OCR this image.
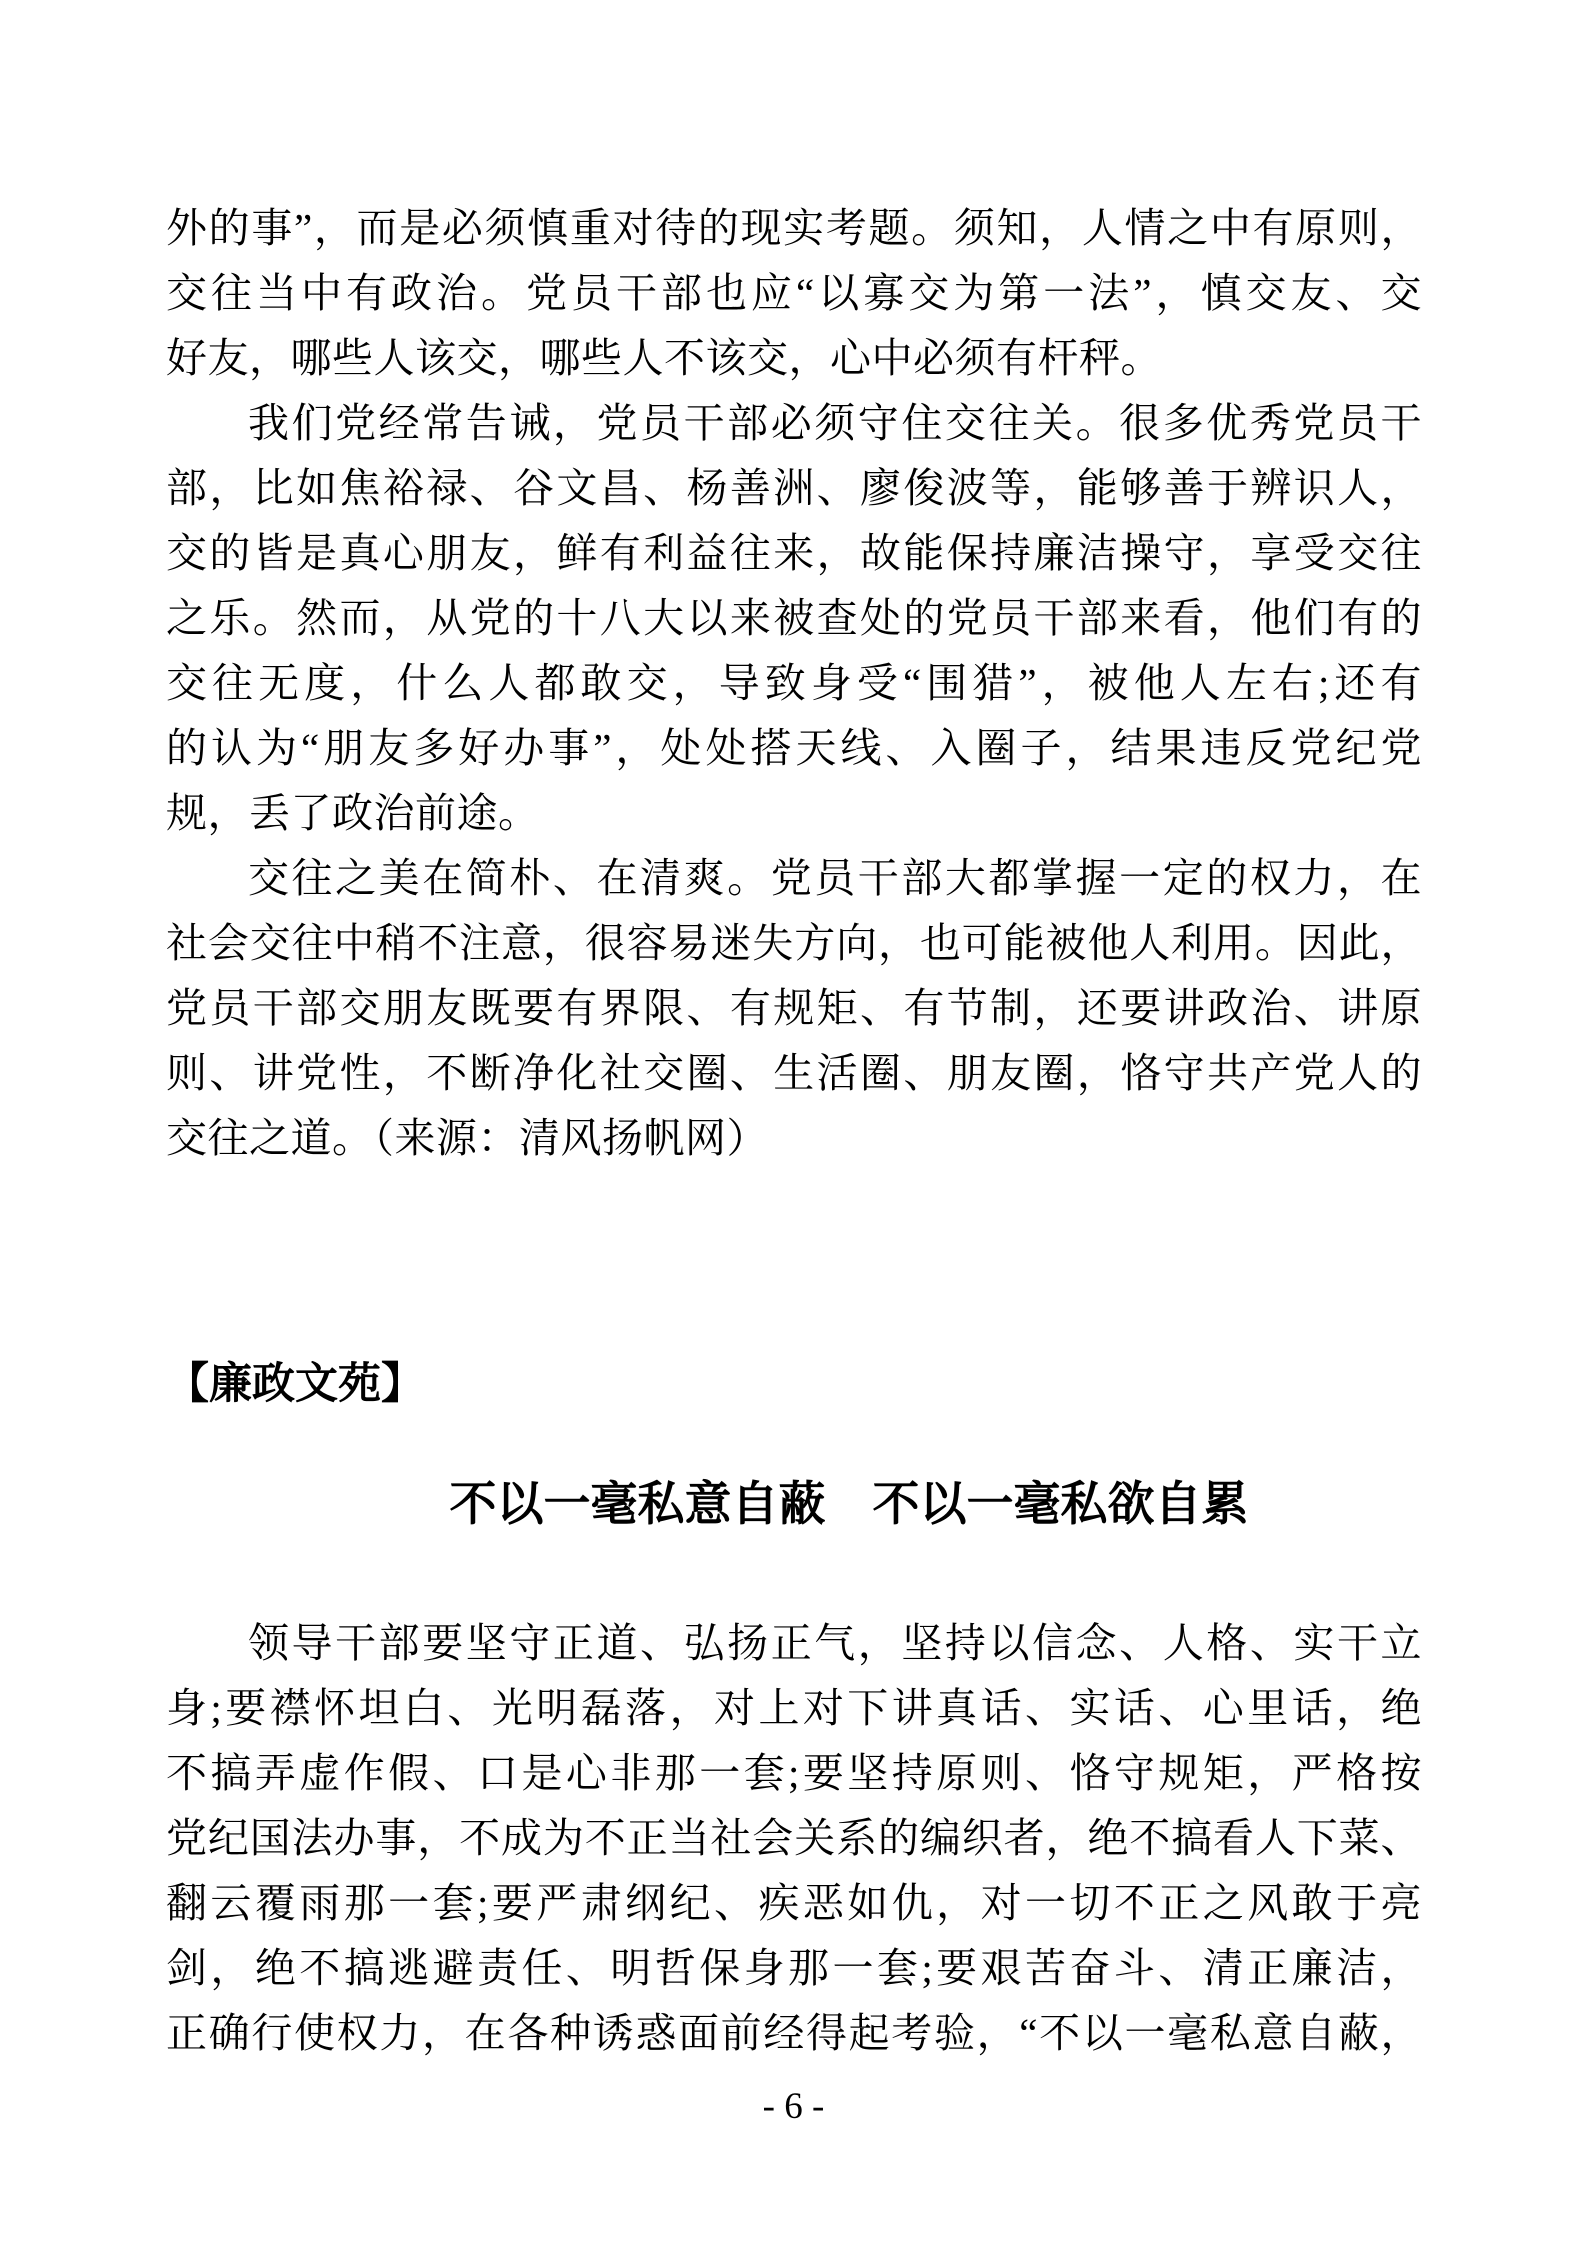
外的事”，而是必须慎重对待的现实考题。须知，人情之中有原则，
交往当中有政治。党员干部也应“以寡交为第一法”，慎交友、交
好友，哪些人该交，哪些人不该交，心中必须有杆秤。
我们党经常告诫，党员干部必须守住交往关。很多优秀党员干
部，比如焦裕禄、谷文昌、杨善洲、廖俊波等，能够善于辨识人，
交的皆是真心朋友，鲜有利益往来，故能保持廉洁操守，享受交往
之乐。然而，从党的十八大以来被查处的党员干部来看，他们有的
交往无度，什么人都敢交，导致身受“围猎”，被他人左右;还有
的认为“朋友多好办事”，处处搭天线、入圈子，结果违反党纪党
规，丢了政治前途。
交往之美在简朴、在清爽。党员干部大都掌握一定的权力，在
社会交往中稍不注意，很容易迷失方向，也可能被他人利用。因此，
党员干部交朋友既要有界限、有规矩、有节制，还要讲政治、讲原
则、讲党性，不断净化社交圈、生活圈、朋友圈，恪守共产党人的
交往之道。（来源：清风扬帆网）
【廉政文苑】
不以一毫私意自蔽　不以一毫私欲自累
领导干部要坚守正道、弘扬正气，坚持以信念、人格、实干立
身;要襟怀坦白、光明磊落，对上对下讲真话、实话、心里话，绝
不搞弄虚作假、口是心非那一套;要坚持原则、恪守规矩，严格按
党纪国法办事，不成为不正当社会关系的编织者，绝不搞看人下菜、
翻云覆雨那一套;要严肃纲纪、疾恶如仇，对一切不正之风敢于亮
剑，绝不搞逃避责任、明哲保身那一套;要艰苦奋斗、清正廉洁，
正确行使权力，在各种诱惑面前经得起考验，“不以一毫私意自蔽，
- 6 -
